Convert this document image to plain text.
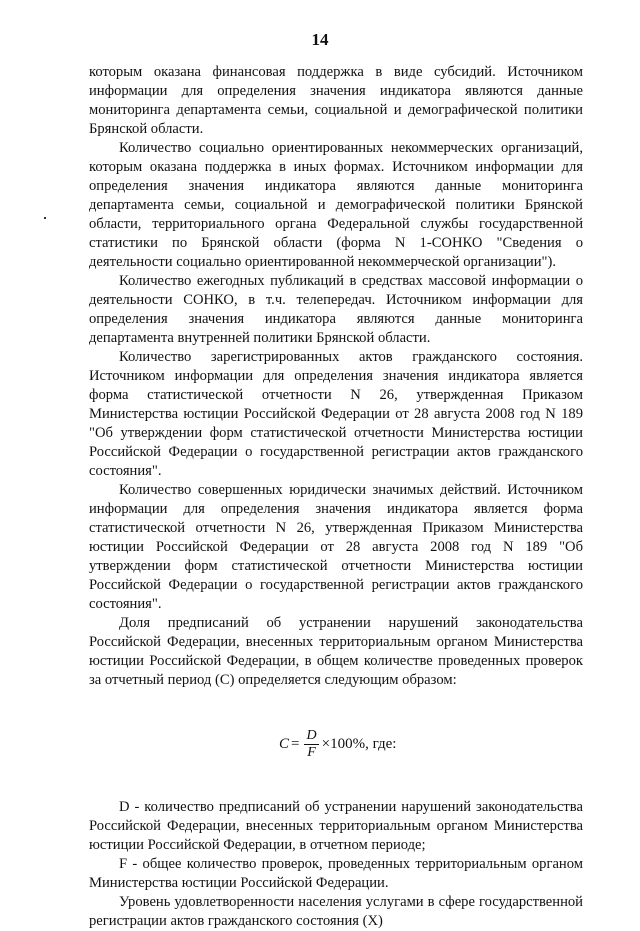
14

которым оказана финансовая поддержка в виде субсидий. Источником информации для определения значения индикатора являются данные мониторинга департамента семьи, социальной и демографической политики Брянской области.

Количество социально ориентированных некоммерческих организаций, которым оказана поддержка в иных формах. Источником информации для определения значения индикатора являются данные мониторинга департамента семьи, социальной и демографической политики Брянской области, территориального органа Федеральной службы государственной статистики по Брянской области (форма N 1-СОНКО "Сведения о деятельности социально ориентированной некоммерческой организации").

Количество ежегодных публикаций в средствах массовой информации о деятельности СОНКО, в т.ч. телепередач. Источником информации для определения значения индикатора являются данные мониторинга департамента внутренней политики Брянской области.

Количество зарегистрированных актов гражданского состояния. Источником информации для определения значения индикатора является форма статистической отчетности N 26, утвержденная Приказом Министерства юстиции Российской Федерации от 28 августа 2008 год N 189 "Об утверждении форм статистической отчетности Министерства юстиции Российской Федерации о государственной регистрации актов гражданского состояния".

Количество совершенных юридически значимых действий. Источником информации для определения значения индикатора является форма статистической отчетности N 26, утвержденная Приказом Министерства юстиции Российской Федерации от 28 августа 2008 год N 189 "Об утверждении форм статистической отчетности Министерства юстиции Российской Федерации о государственной регистрации актов гражданского состояния".

Доля предписаний об устранении нарушений законодательства Российской Федерации, внесенных территориальным органом Министерства юстиции Российской Федерации, в общем количестве проведенных проверок за отчетный период (С) определяется следующим образом:

$C = \frac{D}{F} \times 100\%$ , где:

D - количество предписаний об устранении нарушений законодательства Российской Федерации, внесенных территориальным органом Министерства юстиции Российской Федерации, в отчетном периоде;

F - общее количество проверок, проведенных территориальным органом Министерства юстиции Российской Федерации.

Уровень удовлетворенности населения услугами в сфере государственной регистрации актов гражданского состояния (Х)
